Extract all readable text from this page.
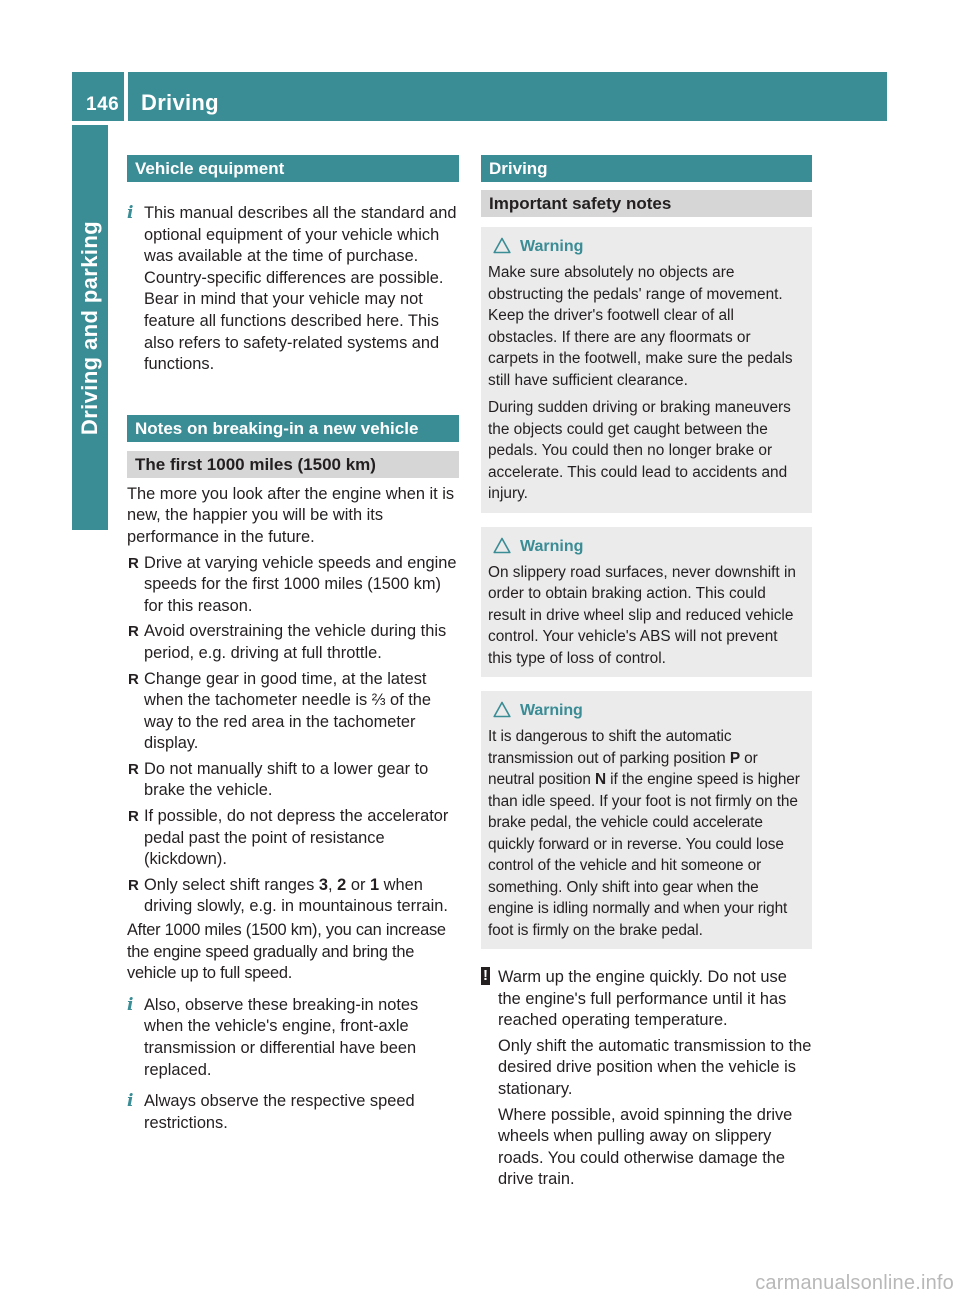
146 Driving
Driving and parking
Vehicle equipment
i This manual describes all the standard and optional equipment of your vehicle which was available at the time of purchase. Country-specific differences are possible. Bear in mind that your vehicle may not feature all functions described here. This also refers to safety-related systems and functions.
Notes on breaking-in a new vehicle
The first 1000 miles (1500 km)
The more you look after the engine when it is new, the happier you will be with its performance in the future.
R Drive at varying vehicle speeds and engine speeds for the first 1000 miles (1500 km) for this reason.
R Avoid overstraining the vehicle during this period, e.g. driving at full throttle.
R Change gear in good time, at the latest when the tachometer needle is ⅔ of the way to the red area in the tachometer display.
R Do not manually shift to a lower gear to brake the vehicle.
R If possible, do not depress the accelerator pedal past the point of resistance (kickdown).
R Only select shift ranges 3, 2 or 1 when driving slowly, e.g. in mountainous terrain.
After 1000 miles (1500 km), you can increase the engine speed gradually and bring the vehicle up to full speed.
i Also, observe these breaking-in notes when the vehicle's engine, front-axle transmission or differential have been replaced.
i Always observe the respective speed restrictions.
Driving
Important safety notes
Warning

Make sure absolutely no objects are obstructing the pedals' range of movement. Keep the driver's footwell clear of all obstacles. If there are any floormats or carpets in the footwell, make sure the pedals still have sufficient clearance.

During sudden driving or braking maneuvers the objects could get caught between the pedals. You could then no longer brake or accelerate. This could lead to accidents and injury.

Warning

On slippery road surfaces, never downshift in order to obtain braking action. This could result in drive wheel slip and reduced vehicle control. Your vehicle's ABS will not prevent this type of loss of control.

Warning

It is dangerous to shift the automatic transmission out of parking position P or neutral position N if the engine speed is higher than idle speed. If your foot is not firmly on the brake pedal, the vehicle could accelerate quickly forward or in reverse. You could lose control of the vehicle and hit someone or something. Only shift into gear when the engine is idling normally and when your right foot is firmly on the brake pedal.

! Warm up the engine quickly. Do not use the engine's full performance until it has reached operating temperature.

Only shift the automatic transmission to the desired drive position when the vehicle is stationary.

Where possible, avoid spinning the drive wheels when pulling away on slippery roads. You could otherwise damage the drive train.

carmanualsonline.info
